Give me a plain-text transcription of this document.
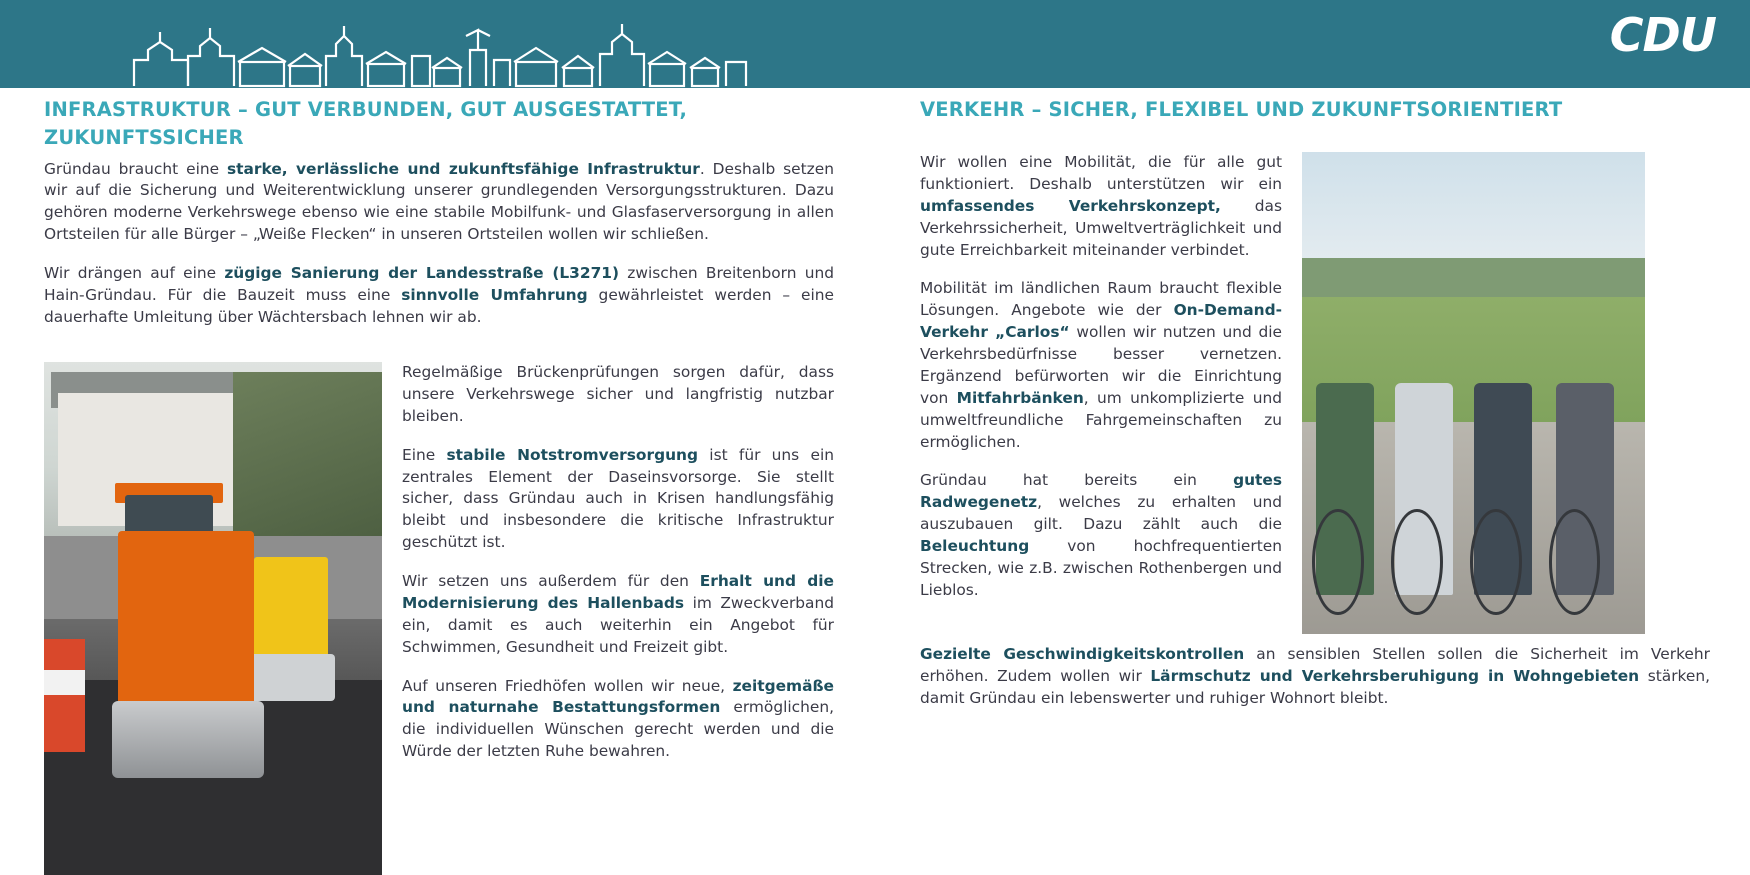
CDU
INFRASTRUKTUR – GUT VERBUNDEN, GUT AUSGESTATTET, ZUKUNFTSSICHER

Gründau braucht eine starke, verlässliche und zukunftsfähige Infrastruktur. Deshalb setzen wir auf die Sicherung und Weiterentwicklung unserer grundlegenden Versorgungsstrukturen. Dazu gehören moderne Verkehrswege ebenso wie eine stabile Mobilfunk- und Glasfaserversorgung in allen Ortsteilen für alle Bürger – „Weiße Flecken“ in unseren Ortsteilen wollen wir schließen.

Wir drängen auf eine zügige Sanierung der Landesstraße (L3271) zwischen Breitenborn und Hain-Gründau. Für die Bauzeit muss eine sinnvolle Umfahrung gewährleistet werden – eine dauerhafte Umleitung über Wächtersbach lehnen wir ab.

Regelmäßige Brückenprüfungen sorgen dafür, dass unsere Verkehrswege sicher und langfristig nutzbar bleiben.

Eine stabile Notstromversorgung ist für uns ein zentrales Element der Daseinsvorsorge. Sie stellt sicher, dass Gründau auch in Krisen handlungsfähig bleibt und insbesondere die kritische Infrastruktur geschützt ist.

Wir setzen uns außerdem für den Erhalt und die Modernisierung des Hallenbads im Zweckverband ein, damit es auch weiterhin ein Angebot für Schwimmen, Gesundheit und Freizeit gibt.

Auf unseren Friedhöfen wollen wir neue, zeitgemäße und naturnahe Bestattungsformen ermöglichen, die individuellen Wünschen gerecht werden und die Würde der letzten Ruhe bewahren.

VERKEHR – SICHER, FLEXIBEL UND ZUKUNFTSORIENTIERT

Wir wollen eine Mobilität, die für alle gut funktioniert. Deshalb unterstützen wir ein umfassendes Verkehrskonzept, das Verkehrssicherheit, Umweltverträglichkeit und gute Erreichbarkeit miteinander verbindet.

Mobilität im ländlichen Raum braucht flexible Lösungen. Angebote wie der On-Demand-Verkehr „Carlos“ wollen wir nutzen und die Verkehrsbedürfnisse besser vernetzen. Ergänzend befürworten wir die Einrichtung von Mitfahrbänken, um unkomplizierte und umweltfreundliche Fahrgemeinschaften zu ermöglichen.

Gründau hat bereits ein gutes Radwegenetz, welches zu erhalten und auszubauen gilt. Dazu zählt auch die Beleuchtung von hochfrequentierten Strecken, wie z.B. zwischen Rothenbergen und Lieblos.

Gezielte Geschwindigkeitskontrollen an sensiblen Stellen sollen die Sicherheit im Verkehr erhöhen. Zudem wollen wir Lärmschutz und Verkehrsberuhigung in Wohngebieten stärken, damit Gründau ein lebenswerter und ruhiger Wohnort bleibt.
